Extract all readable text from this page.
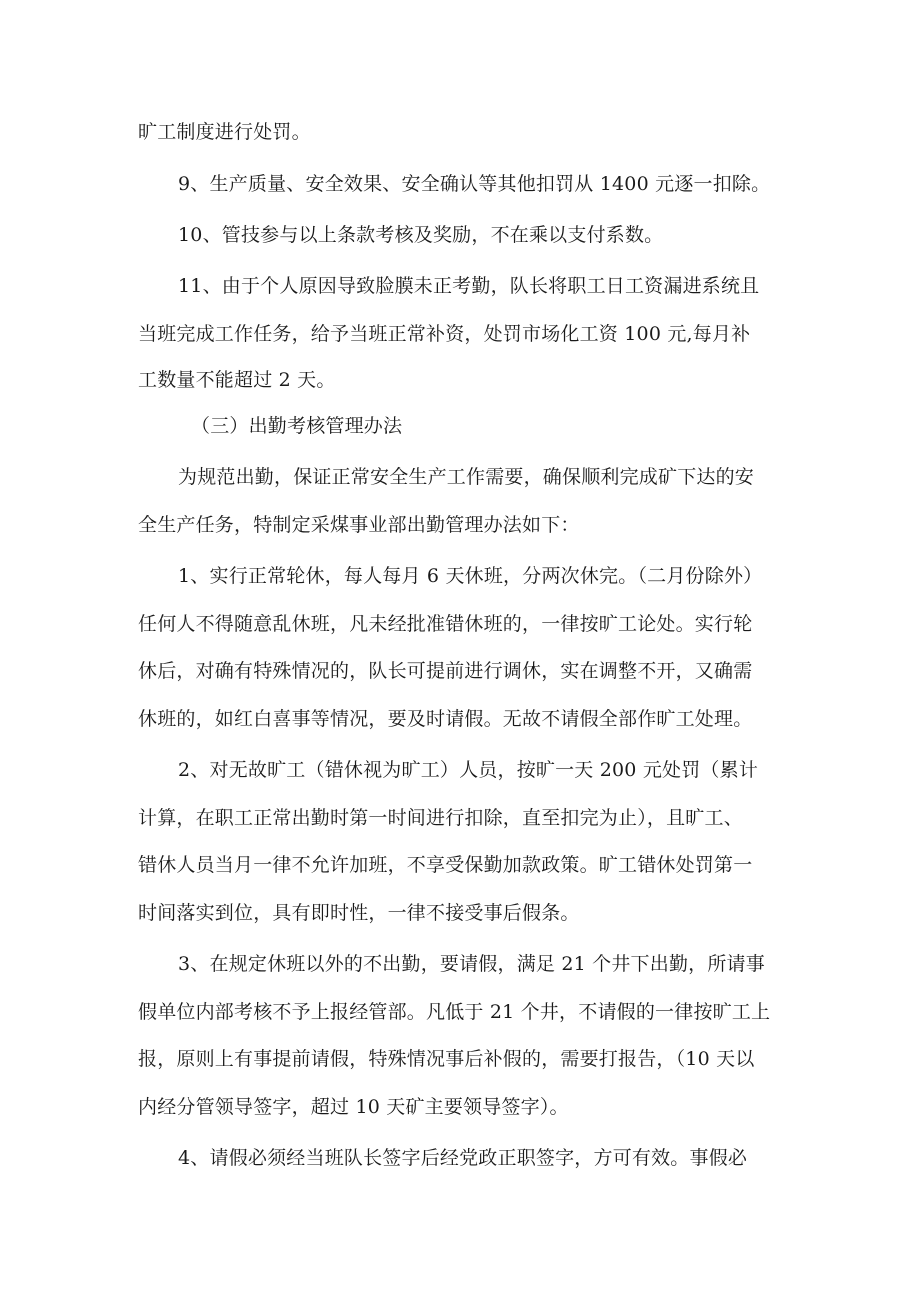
旷工制度进行处罚。
9、生产质量、安全效果、安全确认等其他扣罚从 1400 元逐一扣除。
10、管技参与以上条款考核及奖励，不在乘以支付系数。
11、由于个人原因导致脸膜未正考勤，队长将职工日工资漏进系统且
当班完成工作任务，给予当班正常补资，处罚市场化工资 100 元,每月补
工数量不能超过 2 天。
（三）出勤考核管理办法
为规范出勤，保证正常安全生产工作需要，确保顺利完成矿下达的安
全生产任务，特制定采煤事业部出勤管理办法如下：
1、实行正常轮休，每人每月 6 天休班，分两次休完。（二月份除外）
任何人不得随意乱休班，凡未经批准错休班的，一律按旷工论处。实行轮
休后，对确有特殊情况的，队长可提前进行调休，实在调整不开，又确需
休班的，如红白喜事等情况，要及时请假。无故不请假全部作旷工处理。
2、对无故旷工（错休视为旷工）人员，按旷一天 200 元处罚（累计
计算，在职工正常出勤时第一时间进行扣除，直至扣完为止），且旷工、
错休人员当月一律不允许加班，不享受保勤加款政策。旷工错休处罚第一
时间落实到位，具有即时性，一律不接受事后假条。
3、在规定休班以外的不出勤，要请假，满足 21 个井下出勤，所请事
假单位内部考核不予上报经管部。凡低于 21 个井，不请假的一律按旷工上
报，原则上有事提前请假，特殊情况事后补假的，需要打报告，（10 天以
内经分管领导签字，超过 10 天矿主要领导签字）。
4、请假必须经当班队长签字后经党政正职签字，方可有效。事假必
